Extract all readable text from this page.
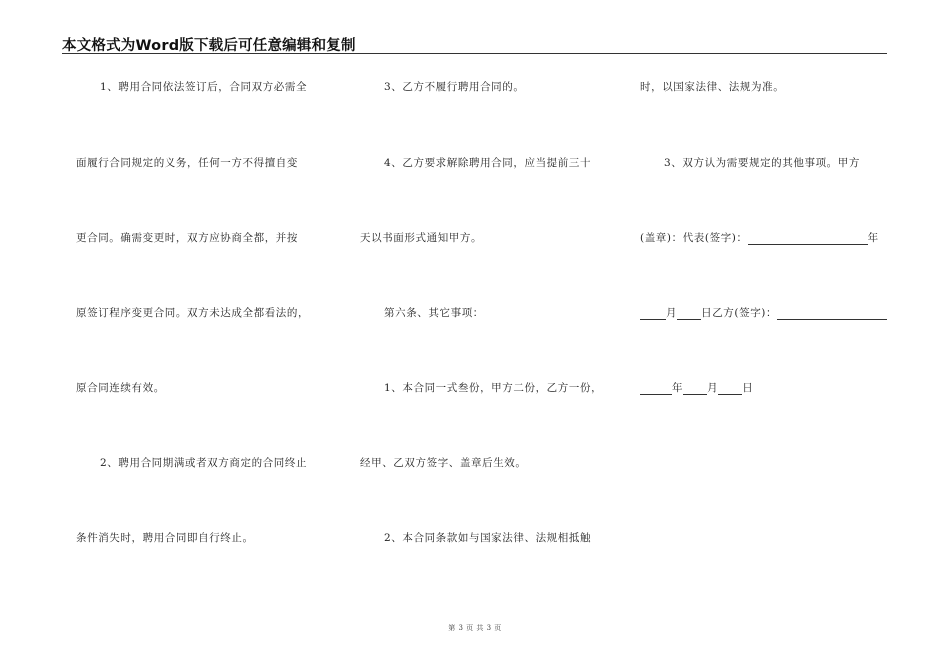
本文格式为Word版下载后可任意编辑和复制
1、聘用合同依法签订后，合同双方必需全
面履行合同规定的义务，任何一方不得擅自变
更合同。确需变更时，双方应协商全都，并按
原签订程序变更合同。双方未达成全都看法的，
原合同连续有效。
2、聘用合同期满或者双方商定的合同终止
条件消失时，聘用合同即自行终止。
3、乙方不履行聘用合同的。
4、乙方要求解除聘用合同，应当提前三十
天以书面形式通知甲方。
第六条、其它事项：
1、本合同一式叁份，甲方二份，乙方一份，
经甲、乙双方签字、盖章后生效。
2、本合同条款如与国家法律、法规相抵触
时，以国家法律、法规为准。
3、双方认为需要规定的其他事项。甲方
(盖章)：代表(签字)：	年
月 日乙方(签字)：
年 月 日
第 3 页 共 3 页
